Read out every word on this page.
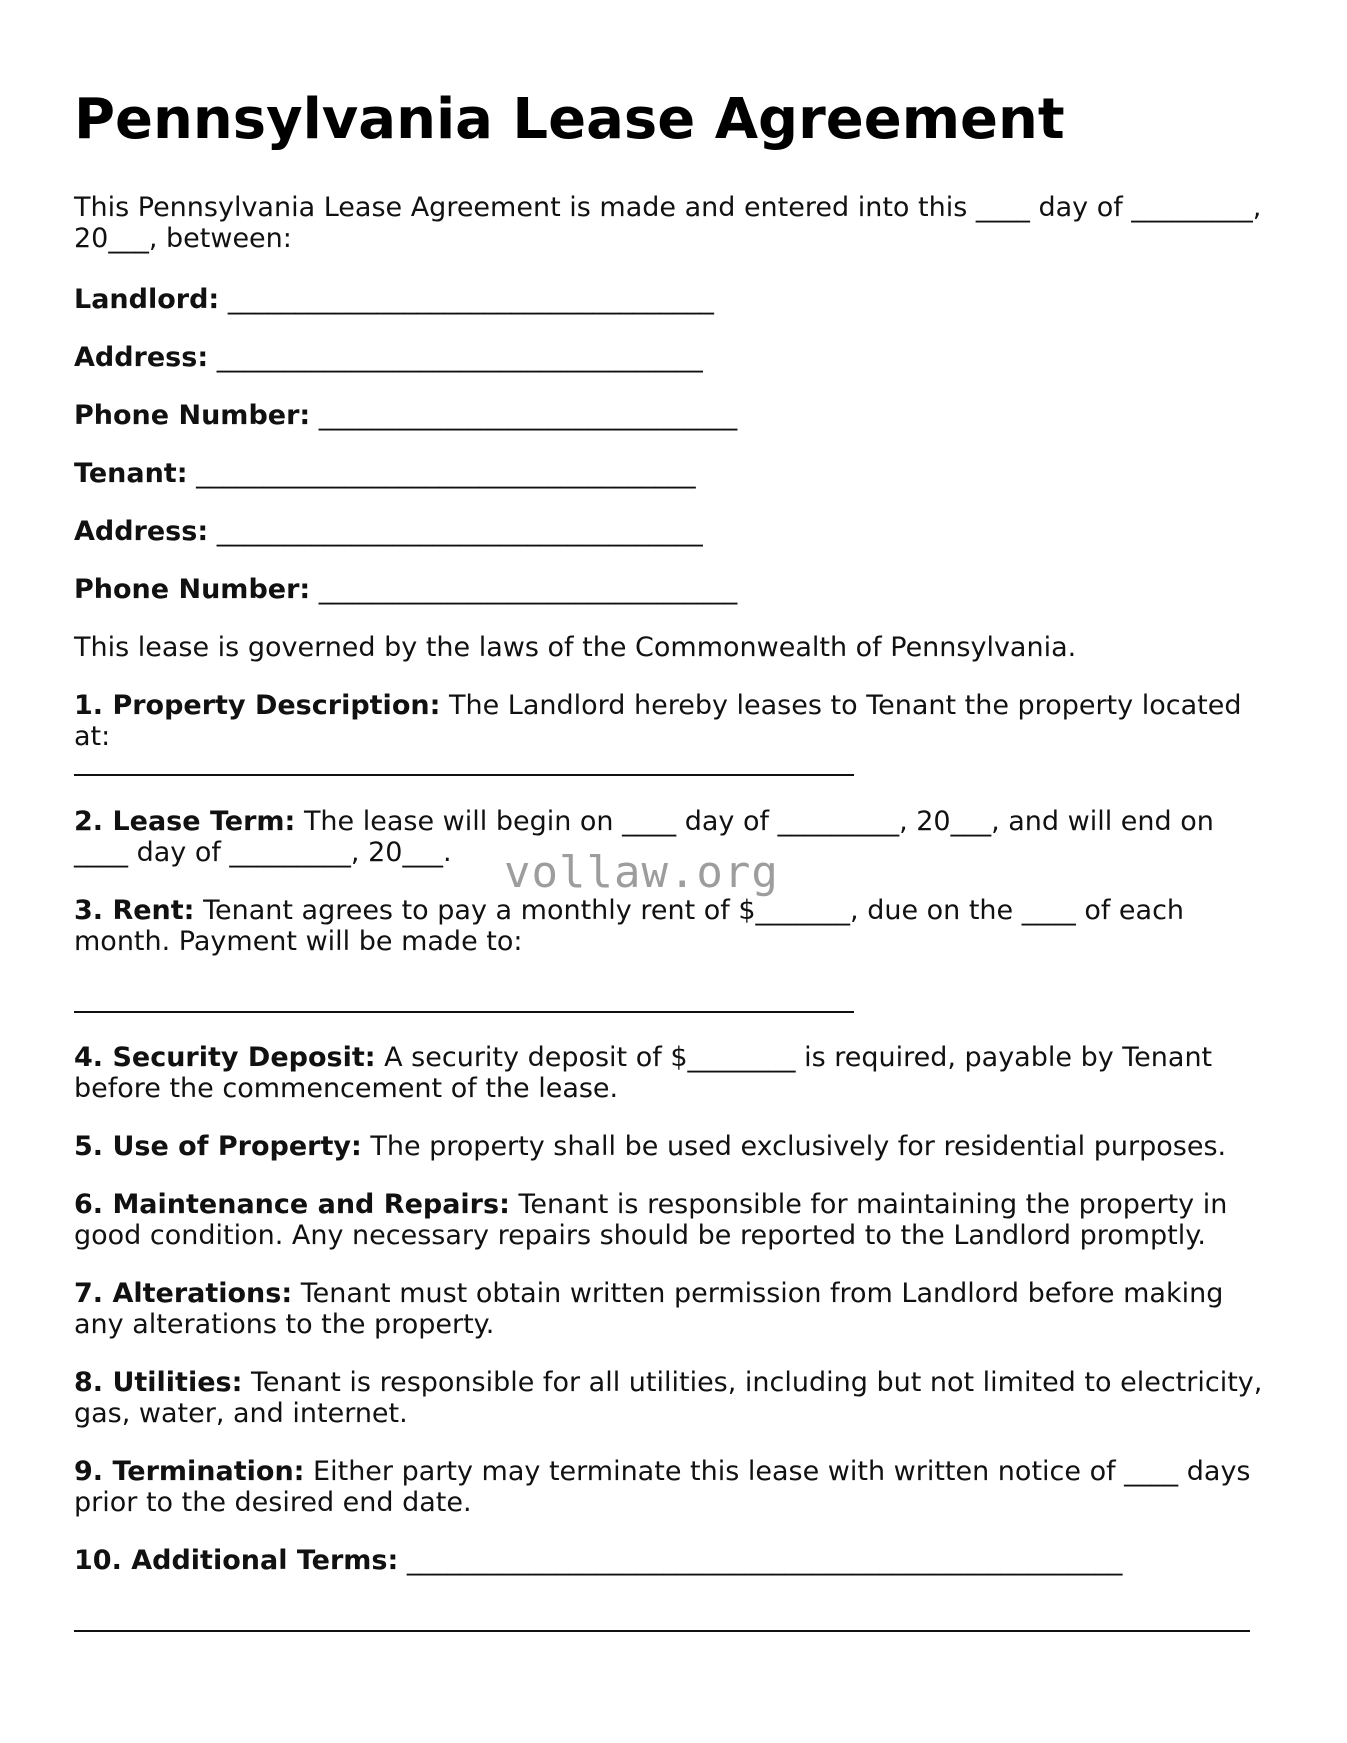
Pennsylvania Lease Agreement

This Pennsylvania Lease Agreement is made and entered into this ____ day of _________, 20___, between:

Landlord: ____________________________________

Address: ____________________________________

Phone Number: _______________________________

Tenant: _____________________________________

Address: ____________________________________

Phone Number: _______________________________

This lease is governed by the laws of the Commonwealth of Pennsylvania.

1. Property Description: The Landlord hereby leases to Tenant the property located at:

2. Lease Term: The lease will begin on ____ day of _________, 20___, and will end on ____ day of _________, 20___.

3. Rent: Tenant agrees to pay a monthly rent of $_______, due on the ____ of each month. Payment will be made to:

4. Security Deposit: A security deposit of $________ is required, payable by Tenant before the commencement of the lease.

5. Use of Property: The property shall be used exclusively for residential purposes.

6. Maintenance and Repairs: Tenant is responsible for maintaining the property in good condition. Any necessary repairs should be reported to the Landlord promptly.

7. Alterations: Tenant must obtain written permission from Landlord before making any alterations to the property.

8. Utilities: Tenant is responsible for all utilities, including but not limited to electricity, gas, water, and internet.

9. Termination: Either party may terminate this lease with written notice of ____ days prior to the desired end date.

10. Additional Terms: _____________________________________________________

vollaw.org
